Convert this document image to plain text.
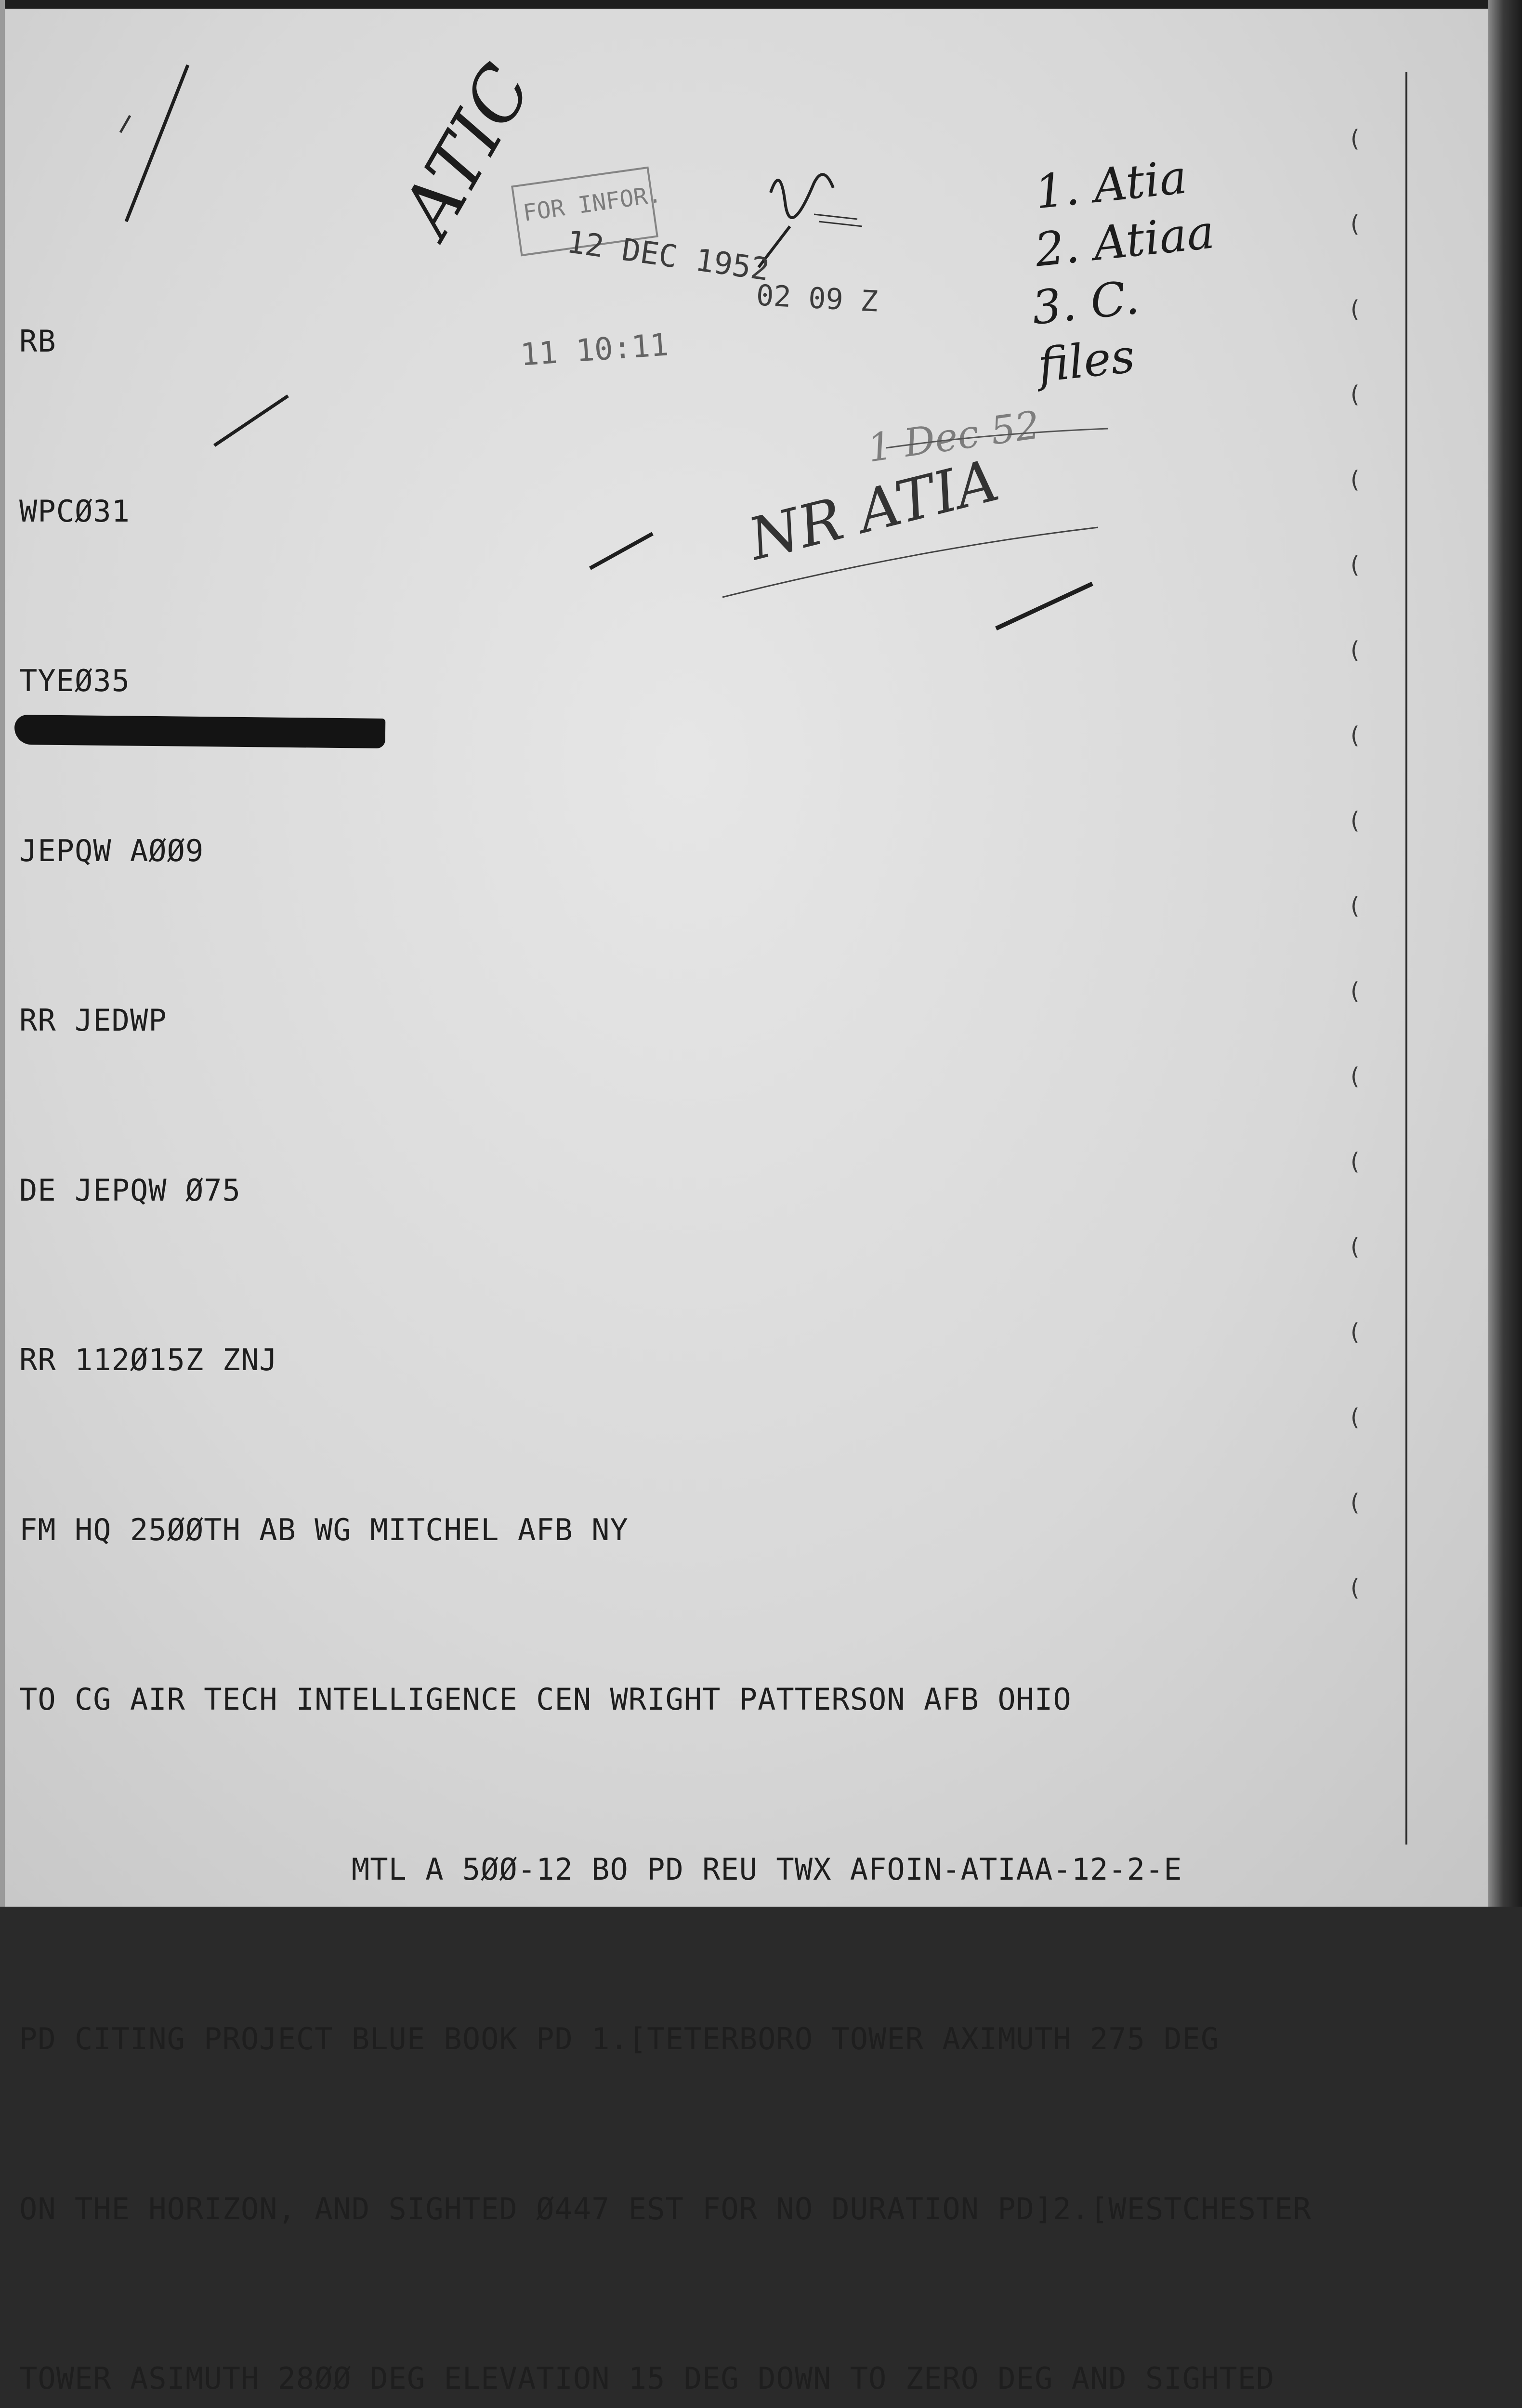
FOR INFOR.
12 DEC 1952
02 09 Z
11 10:11
ATIC
1 Dec 52
NR ATIA
1. Atia
2. Atiaa
3. C. files

RB

WPCØ31

TYEØ35

JEPQW AØØ9

RR JEDWP

DE JEPQW Ø75

RR 112Ø15Z ZNJ

FM HQ 25ØØTH AB WG MITCHEL AFB NY

TO CG AIR TECH INTELLIGENCE CEN WRIGHT PATTERSON AFB OHIO

MTL A 5ØØ-12 BO PD REU TWX AFOIN-ATIAA-12-2-E

PD CITING PROJECT BLUE BOOK PD 1.[TETERBORO TOWER AXIMUTH 275 DEG

ON THE HORIZON, AND SIGHTED Ø447 EST FOR NO DURATION PD]2.[WESTCHESTER

TOWER ASIMUTH 28ØØ DEG ELEVATION 15 DEG DOWN TO ZERO DEG AND SIGHTED

(
(
(
(
(
(
(
(
(
(
(
(
(
(
(
(
(
(
